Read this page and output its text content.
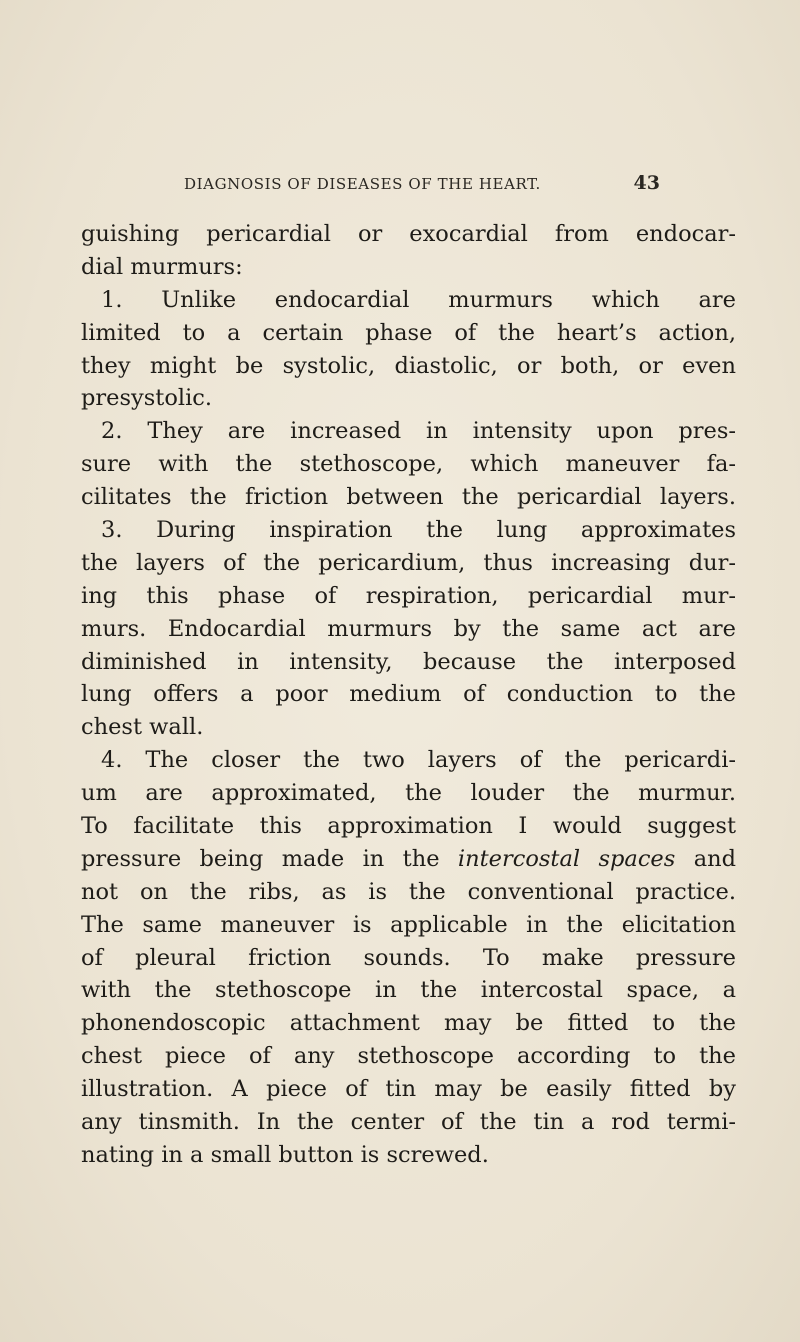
DIAGNOSIS OF DISEASES OF THE HEART.	43
guishing pericardial or exocardial from endocar-
dial murmurs:
1. Unlike endocardial murmurs which are
limited to a certain phase of the heart’s action,
they might be systolic, diastolic, or both, or even
presystolic.
2. They are increased in intensity upon pres-
sure with the stethoscope, which maneuver fa-
cilitates the friction between the pericardial layers.
3. During inspiration the lung approximates
the layers of the pericardium, thus increasing dur-
ing this phase of respiration, pericardial mur-
murs. Endocardial murmurs by the same act are
diminished in intensity, because the interposed
lung offers a poor medium of conduction to the
chest wall.
4. The closer the two layers of the pericardi-
um are approximated, the louder the murmur.
To facilitate this approximation I would suggest
pressure being made in the intercostal spaces and
not on the ribs, as is the conventional practice.
The same maneuver is applicable in the elicitation
of pleural friction sounds. To make pressure
with the stethoscope in the intercostal space, a
phonendoscopic attachment may be fitted to the
chest piece of any stethoscope according to the
illustration. A piece of tin may be easily fitted by
any tinsmith. In the center of the tin a rod termi-
nating in a small button is screwed.
